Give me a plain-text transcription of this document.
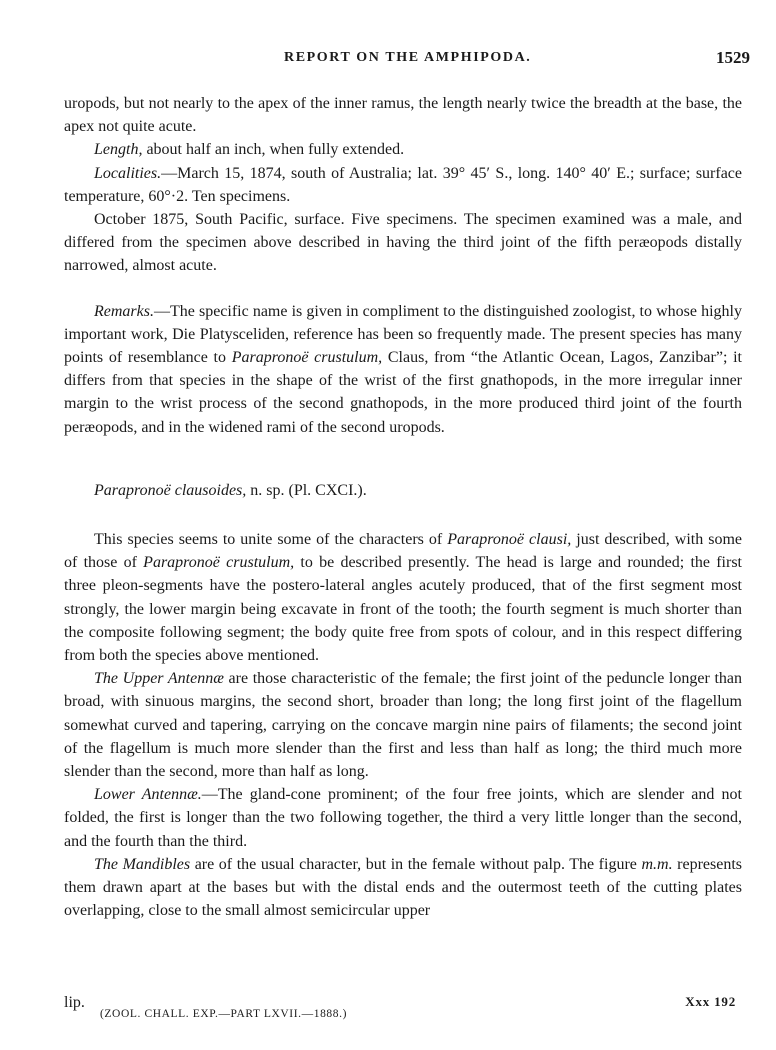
REPORT ON THE AMPHIPODA.	1529

uropods, but not nearly to the apex of the inner ramus, the length nearly twice the breadth at the base, the apex not quite acute.

Length, about half an inch, when fully extended.

Localities.—March 15, 1874, south of Australia; lat. 39° 45′ S., long. 140° 40′ E.; surface; surface temperature, 60°·2. Ten specimens.

October 1875, South Pacific, surface. Five specimens. The specimen examined was a male, and differed from the specimen above described in having the third joint of the fifth peræopods distally narrowed, almost acute.

Remarks.—The specific name is given in compliment to the distinguished zoologist, to whose highly important work, Die Platysceliden, reference has been so frequently made. The present species has many points of resemblance to Parapronoë crustulum, Claus, from “the Atlantic Ocean, Lagos, Zanzibar”; it differs from that species in the shape of the wrist of the first gnathopods, in the more irregular inner margin to the wrist process of the second gnathopods, in the more produced third joint of the fourth peræopods, and in the widened rami of the second uropods.

Parapronoë clausoides, n. sp. (Pl. CXCI.).

This species seems to unite some of the characters of Parapronoë clausi, just described, with some of those of Parapronoë crustulum, to be described presently. The head is large and rounded; the first three pleon-segments have the postero-lateral angles acutely produced, that of the first segment most strongly, the lower margin being excavate in front of the tooth; the fourth segment is much shorter than the composite following segment; the body quite free from spots of colour, and in this respect differing from both the species above mentioned.

The Upper Antennæ are those characteristic of the female; the first joint of the peduncle longer than broad, with sinuous margins, the second short, broader than long; the long first joint of the flagellum somewhat curved and tapering, carrying on the concave margin nine pairs of filaments; the second joint of the flagellum is much more slender than the first and less than half as long; the third much more slender than the second, more than half as long.

Lower Antennæ.—The gland-cone prominent; of the four free joints, which are slender and not folded, the first is longer than the two following together, the third a very little longer than the second, and the fourth than the third.

The Mandibles are of the usual character, but in the female without palp. The figure m.m. represents them drawn apart at the bases but with the distal ends and the outermost teeth of the cutting plates overlapping, close to the small almost semicircular upper

lip.
(ZOOL. CHALL. EXP.—PART LXVII.—1888.)
Xxx 192
